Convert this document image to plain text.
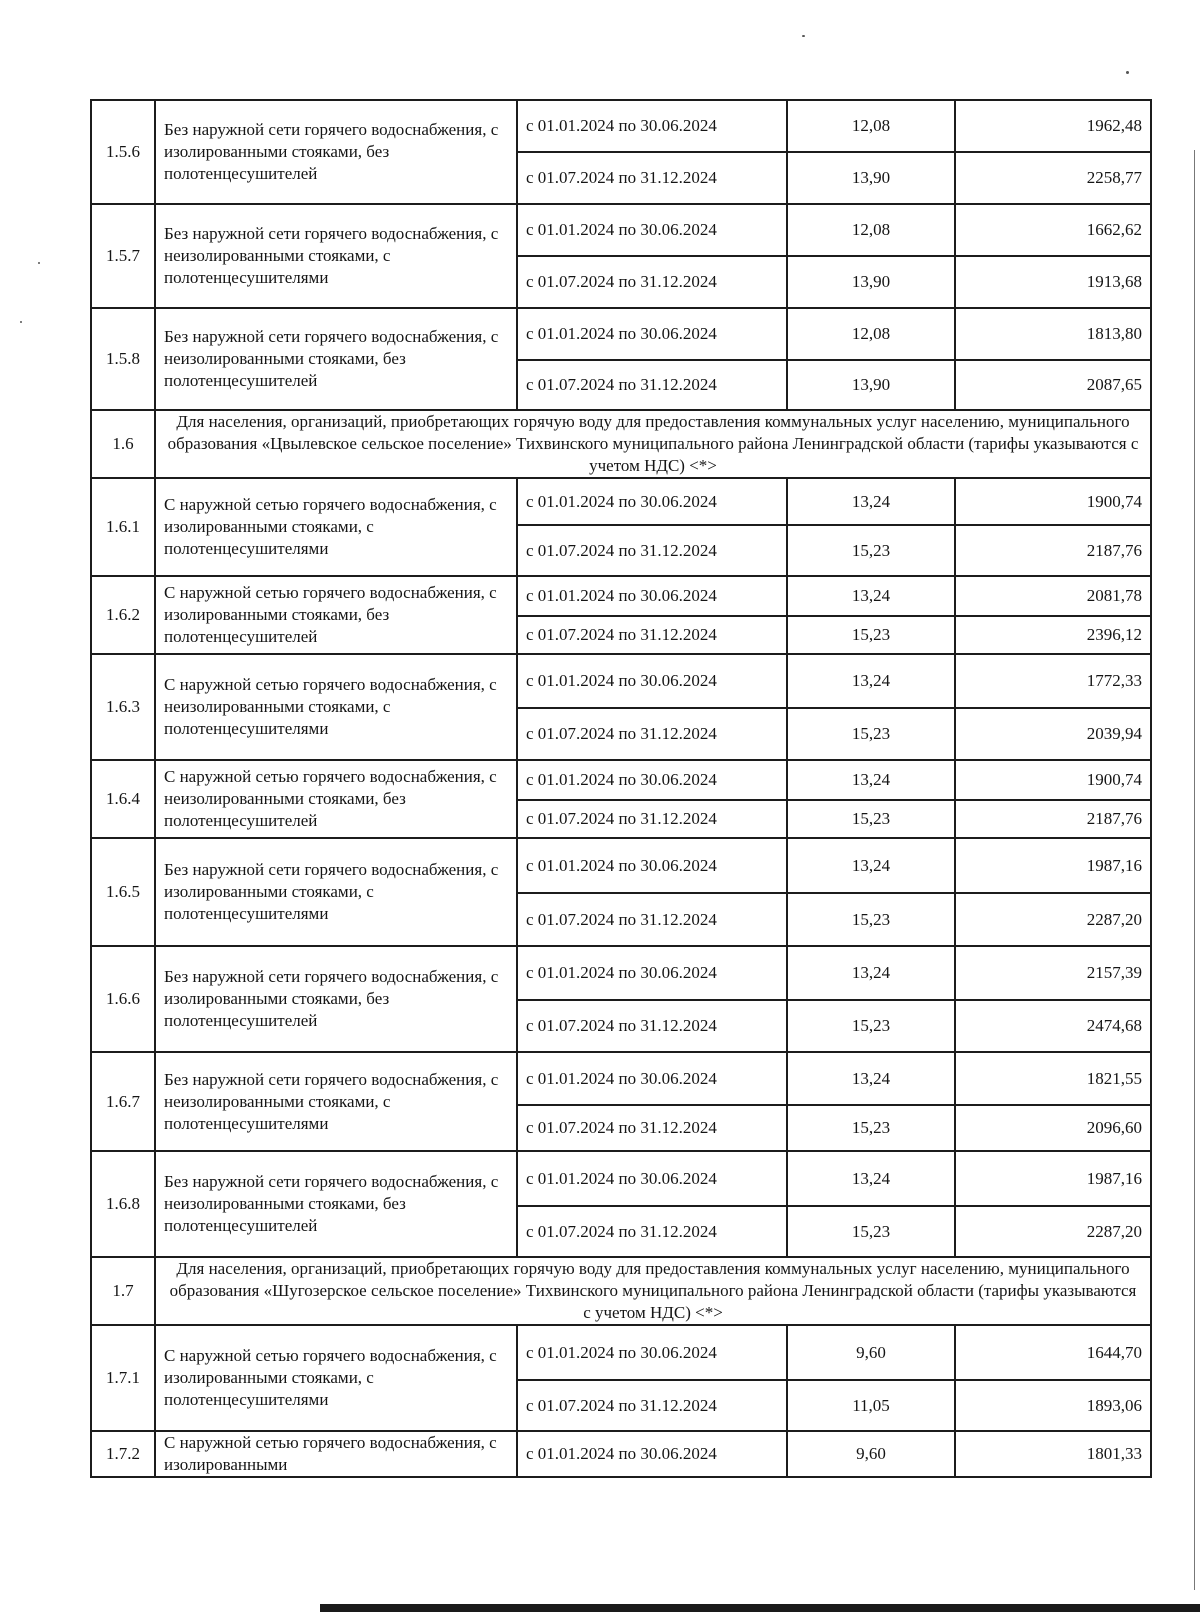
1.5.6	Без наружной сети горячего водоснабжения, с изолированными стояками, без полотенцесушителей	с 01.01.2024 по 30.06.2024	12,08	1962,48
		с 01.07.2024 по 31.12.2024	13,90	2258,77
1.5.7	Без наружной сети горячего водоснабжения, с неизолированными стояками, с полотенцесушителями	с 01.01.2024 по 30.06.2024	12,08	1662,62
		с 01.07.2024 по 31.12.2024	13,90	1913,68
1.5.8	Без наружной сети горячего водоснабжения, с неизолированными стояками, без полотенцесушителей	с 01.01.2024 по 30.06.2024	12,08	1813,80
		с 01.07.2024 по 31.12.2024	13,90	2087,65
1.6	Для населения, организаций, приобретающих горячую воду для предоставления коммунальных услуг населению, муниципального образования «Цвылевское сельское поселение» Тихвинского муниципального района Ленинградской области (тарифы указываются с учетом НДС) <*>			
1.6.1	С наружной сетью горячего водоснабжения, с изолированными стояками, с полотенцесушителями	с 01.01.2024 по 30.06.2024	13,24	1900,74
		с 01.07.2024 по 31.12.2024	15,23	2187,76
1.6.2	С наружной сетью горячего водоснабжения, с изолированными стояками, без полотенцесушителей	с 01.01.2024 по 30.06.2024	13,24	2081,78
		с 01.07.2024 по 31.12.2024	15,23	2396,12
1.6.3	С наружной сетью горячего водоснабжения, с неизолированными стояками, с полотенцесушителями	с 01.01.2024 по 30.06.2024	13,24	1772,33
		с 01.07.2024 по 31.12.2024	15,23	2039,94
1.6.4	С наружной сетью горячего водоснабжения, с неизолированными стояками, без полотенцесушителей	с 01.01.2024 по 30.06.2024	13,24	1900,74
		с 01.07.2024 по 31.12.2024	15,23	2187,76
1.6.5	Без наружной сети горячего водоснабжения, с изолированными стояками, с полотенцесушителями	с 01.01.2024 по 30.06.2024	13,24	1987,16
		с 01.07.2024 по 31.12.2024	15,23	2287,20
1.6.6	Без наружной сети горячего водоснабжения, с изолированными стояками, без полотенцесушителей	с 01.01.2024 по 30.06.2024	13,24	2157,39
		с 01.07.2024 по 31.12.2024	15,23	2474,68
1.6.7	Без наружной сети горячего водоснабжения, с неизолированными стояками, с полотенцесушителями	с 01.01.2024 по 30.06.2024	13,24	1821,55
		с 01.07.2024 по 31.12.2024	15,23	2096,60
1.6.8	Без наружной сети горячего водоснабжения, с неизолированными стояками, без полотенцесушителей	с 01.01.2024 по 30.06.2024	13,24	1987,16
		с 01.07.2024 по 31.12.2024	15,23	2287,20
1.7	Для населения, организаций, приобретающих горячую воду для предоставления коммунальных услуг населению, муниципального образования «Шугозерское сельское поселение» Тихвинского муниципального района Ленинградской области (тарифы указываются с учетом НДС) <*>			
1.7.1	С наружной сетью горячего водоснабжения, с изолированными стояками, с полотенцесушителями	с 01.01.2024 по 30.06.2024	9,60	1644,70
		с 01.07.2024 по 31.12.2024	11,05	1893,06
1.7.2	С наружной сетью горячего водоснабжения, с изолированными	с 01.01.2024 по 30.06.2024	9,60	1801,33
